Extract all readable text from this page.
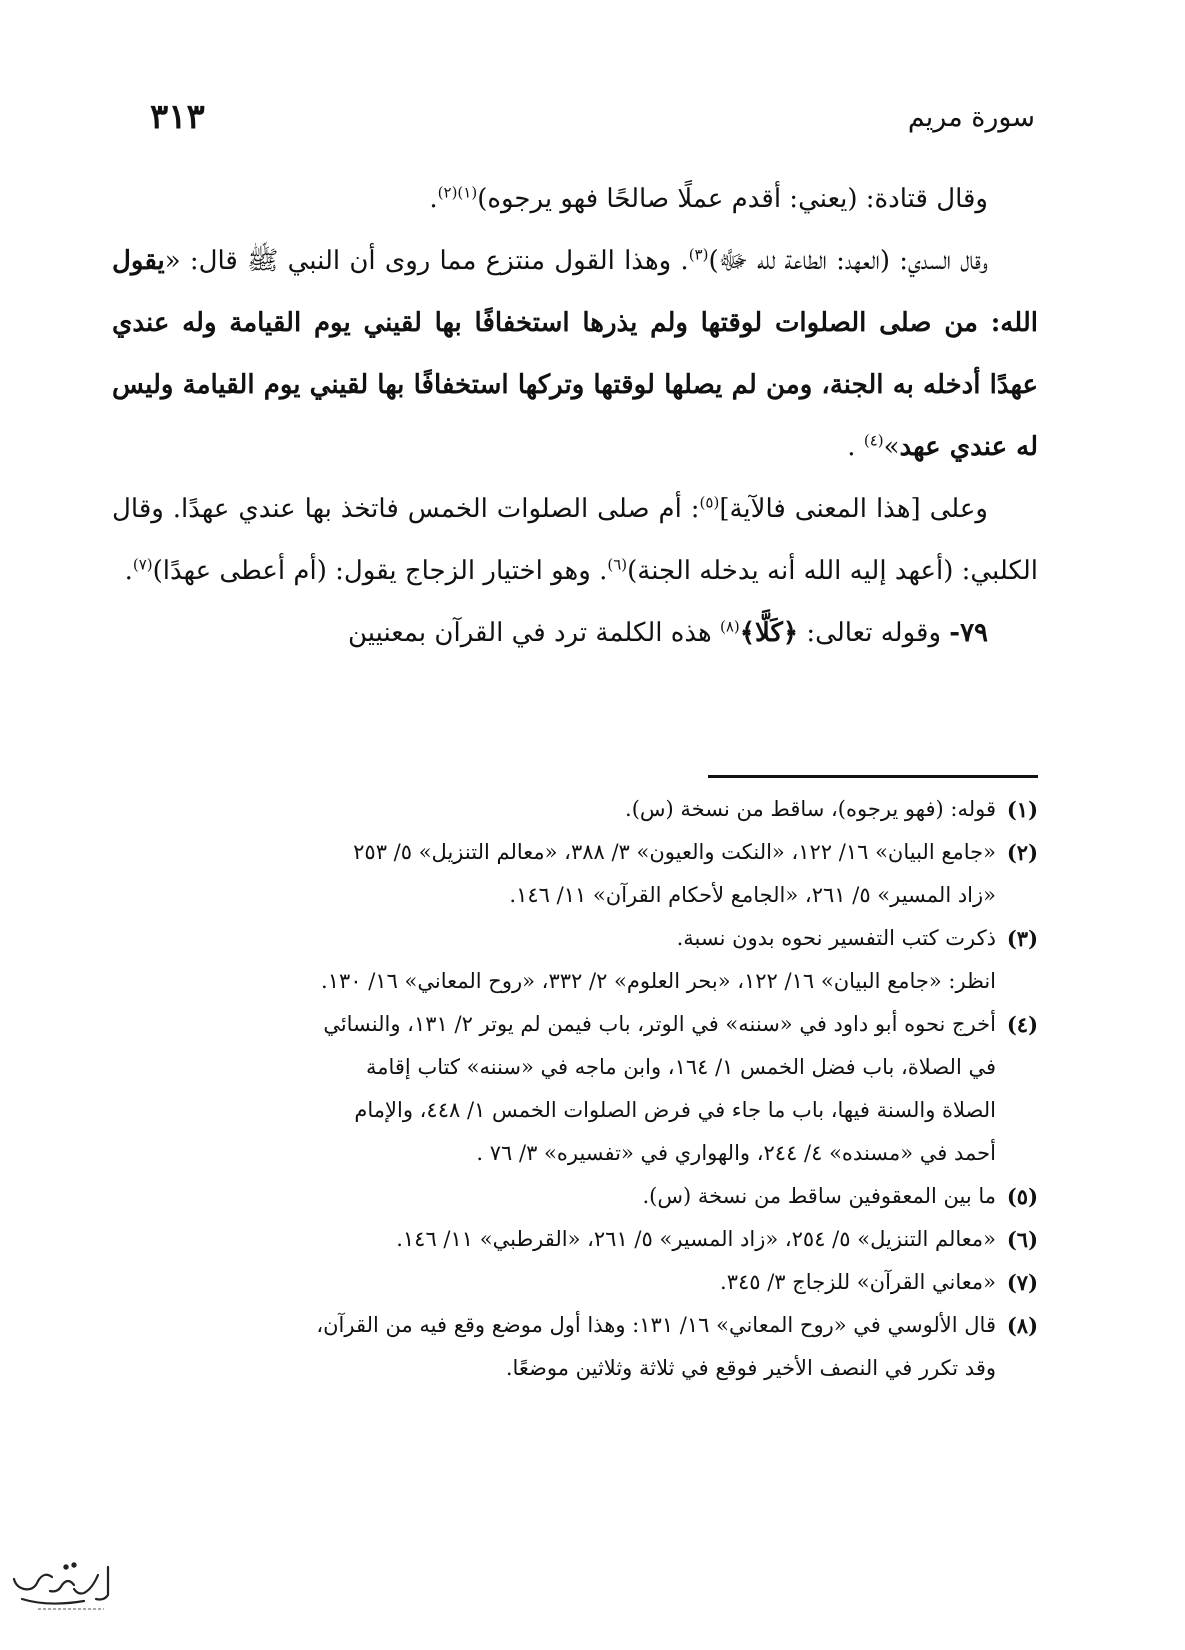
سورة مريم
٣١٣

وقال قتادة: (يعني: أقدم عملًا صالحًا فهو يرجوه)$^{(١)(٢)}$.

وقال السدي: (العهد: الطاعة لله ﷻ)$^{(٣)}$. وهذا القول منتزع مما روى أن النبي ﷺ قال: «يقول الله: من صلى الصلوات لوقتها ولم يذرها استخفافًا بها لقيني يوم القيامة وله عندي عهدًا أدخله به الجنة، ومن لم يصلها لوقتها وتركها استخفافًا بها لقيني يوم القيامة وليس له عندي عهد»$^{(٤)}$ .

وعلى [هذا المعنى فالآية]$^{(٥)}$: أم صلى الصلوات الخمس فاتخذ بها عندي عهدًا. وقال الكلبي: (أعهد إليه الله أنه يدخله الجنة)$^{(٦)}$. وهو اختيار الزجاج يقول: (أم أعطى عهدًا)$^{(٧)}$.

٧٩- وقوله تعالى: ﴿كَلَّا﴾$^{(٨)}$ هذه الكلمة ترد في القرآن بمعنيين

(١)
قوله: (فهو يرجوه)، ساقط من نسخة (س).
(٢)
«جامع البيان» ١٦/ ١٢٢، «النكت والعيون» ٣/ ٣٨٨، «معالم التنزيل» ٥/ ٢٥٣
«زاد المسير» ٥/ ٢٦١، «الجامع لأحكام القرآن» ١١/ ١٤٦.
(٣)
ذكرت كتب التفسير نحوه بدون نسبة.
انظر: «جامع البيان» ١٦/ ١٢٢، «بحر العلوم» ٢/ ٣٣٢، «روح المعاني» ١٦/ ١٣٠.
(٤)
أخرج نحوه أبو داود في «سننه» في الوتر، باب فيمن لم يوتر ٢/ ١٣١، والنسائي
في الصلاة، باب فضل الخمس ١/ ١٦٤، وابن ماجه في «سننه» كتاب إقامة
الصلاة والسنة فيها، باب ما جاء في فرض الصلوات الخمس ١/ ٤٤٨، والإمام
أحمد في «مسنده» ٤/ ٢٤٤، والهواري في «تفسيره» ٣/ ٧٦ .
(٥)
ما بين المعقوفين ساقط من نسخة (س).
(٦)
«معالم التنزيل» ٥/ ٢٥٤، «زاد المسير» ٥/ ٢٦١، «القرطبي» ١١/ ١٤٦.
(٧)
«معاني القرآن» للزجاج ٣/ ٣٤٥.
(٨)
قال الألوسي في «روح المعاني» ١٦/ ١٣١: وهذا أول موضع وقع فيه من القرآن،
وقد تكرر في النصف الأخير فوقع في ثلاثة وثلاثين موضعًا.
